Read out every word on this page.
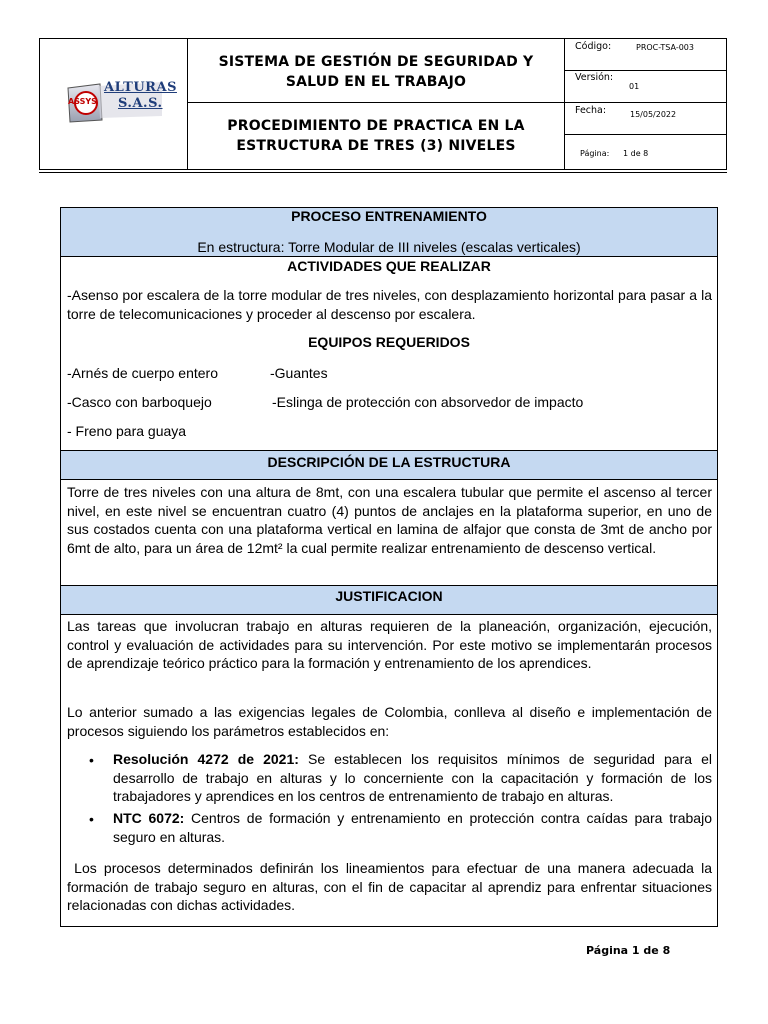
ASSYS
ALTURAS
S.A.S.
SISTEMA DE GESTIÓN DE SEGURIDAD Y
SALUD EN EL TRABAJO
PROCEDIMIENTO DE PRACTICA EN LA
ESTRUCTURA DE TRES (3) NIVELES
Código:	PROC-TSA-003
Versión:
01
Fecha:	15/05/2022
Página: 1 de 8
PROCESO ENTRENAMIENTO
En estructura: Torre Modular de III niveles (escalas verticales)
ACTIVIDADES QUE REALIZAR
-Asenso por escalera de la torre modular de tres niveles, con desplazamiento horizontal para pasar a la torre de telecomunicaciones y proceder al descenso por escalera.
EQUIPOS REQUERIDOS
-Arnés de cuerpo entero	-Guantes
-Casco con barboquejo	-Eslinga de protección con absorvedor de impacto
- Freno para guaya
DESCRIPCIÓN DE LA ESTRUCTURA
Torre de tres niveles con una altura de 8mt, con una escalera tubular que permite el ascenso al tercer nivel, en este nivel se encuentran cuatro (4) puntos de anclajes en la plataforma superior, en uno de sus costados cuenta con una plataforma vertical en lamina de alfajor que consta de 3mt de ancho por 6mt de alto, para un área de 12mt² la cual permite realizar entrenamiento de descenso vertical.
JUSTIFICACION
Las tareas que involucran trabajo en alturas requieren de la planeación, organización, ejecución, control y evaluación de actividades para su intervención. Por este motivo se implementarán procesos de aprendizaje teórico práctico para la formación y entrenamiento de los aprendices.
Lo anterior sumado a las exigencias legales de Colombia, conlleva al diseño e implementación de procesos siguiendo los parámetros establecidos en:
• Resolución 4272 de 2021: Se establecen los requisitos mínimos de seguridad para el desarrollo de trabajo en alturas y lo concerniente con la capacitación y formación de los trabajadores y aprendices en los centros de entrenamiento de trabajo en alturas.
• NTC 6072: Centros de formación y entrenamiento en protección contra caídas para trabajo seguro en alturas.
Los procesos determinados definirán los lineamientos para efectuar de una manera adecuada la formación de trabajo seguro en alturas, con el fin de capacitar al aprendiz para enfrentar situaciones relacionadas con dichas actividades.
Página 1 de 8
